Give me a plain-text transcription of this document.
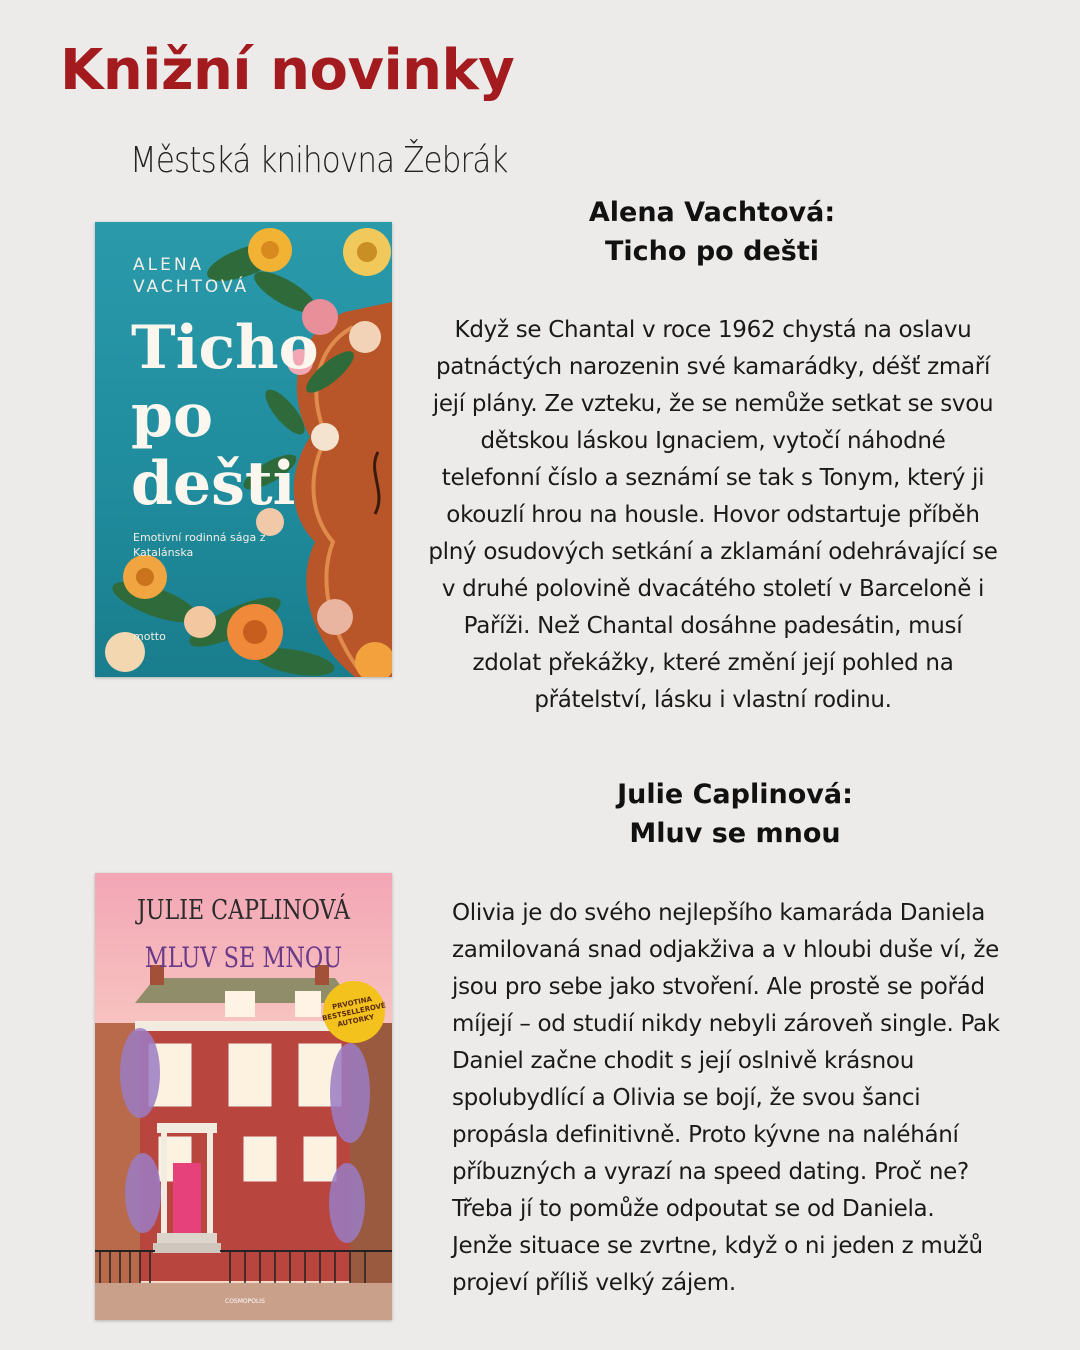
Knižní novinky
Městská knihovna Žebrák
ALENA
VACHTOVÁ
Ticho
po
dešti
Emotivní rodinná sága z Katalánska
motto
Alena Vachtová:
Ticho po dešti

Když se Chantal v roce 1962 chystá na oslavu patnáctých narozenin své kamarádky, déšť zmaří její plány. Ze vzteku, že se nemůže setkat se svou dětskou láskou Ignaciem, vytočí náhodné telefonní číslo a seznámí se tak s Tonym, který ji okouzlí hrou na housle. Hovor odstartuje příběh plný osudových setkání a zklamání odehrávající se v druhé polovině dvacátého století v Barceloně i Paříži. Než Chantal dosáhne padesátin, musí zdolat překážky, které změní její pohled na přátelství, lásku i vlastní rodinu.

Julie Caplinová:
Mluv se mnou
JULIE CAPLINOVÁ
MLUV SE MNOU
PRVOTINA BESTSELLEROVÉ AUTORKY
COSMOPOLIS

Olivia je do svého nejlepšího kamaráda Daniela zamilovaná snad odjakživa a v hloubi duše ví, že jsou pro sebe jako stvoření. Ale prostě se pořád míjejí – od studií nikdy nebyli zároveň single. Pak Daniel začne chodit s její oslnivě krásnou spolubydlící a Olivia se bojí, že svou šanci propásla definitivně. Proto kývne na naléhání příbuzných a vyrazí na speed dating. Proč ne? Třeba jí to pomůže odpoutat se od Daniela.

Jenže situace se zvrtne, když o ni jeden z mužů projeví příliš velký zájem.
